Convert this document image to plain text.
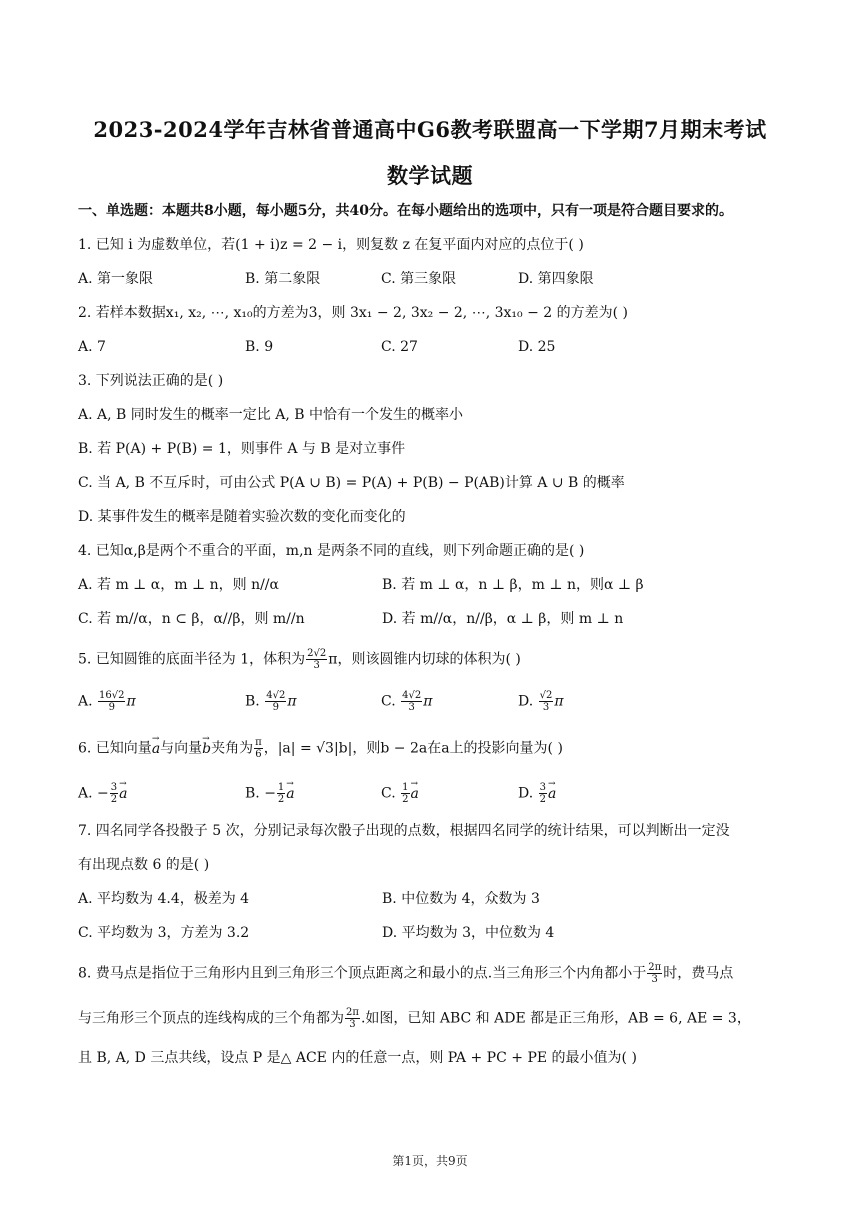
2023-2024学年吉林省普通高中G6教考联盟高一下学期7月期末考试
数学试题
一、单选题：本题共8小题，每小题5分，共40分。在每小题给出的选项中，只有一项是符合题目要求的。
1. 已知 i 为虚数单位，若(1 + i)z = 2 − i，则复数 z 在复平面内对应的点位于( )
A. 第一象限	B. 第二象限	C. 第三象限	D. 第四象限
2. 若样本数据x₁, x₂, ⋯, x₁₀的方差为3，则 3x₁ − 2, 3x₂ − 2, ⋯, 3x₁₀ − 2 的方差为( )
A. 7	B. 9	C. 27	D. 25
3. 下列说法正确的是( )
A. A, B 同时发生的概率一定比 A, B 中恰有一个发生的概率小
B. 若 P(A) + P(B) = 1，则事件 A 与 B 是对立事件
C. 当 A, B 不互斥时，可由公式 P(A ∪ B) = P(A) + P(B) − P(AB)计算 A ∪ B 的概率
D. 某事件发生的概率是随着实验次数的变化而变化的
4. 已知α,β是两个不重合的平面，m,n 是两条不同的直线，则下列命题正确的是( )
A. 若 m ⊥ α，m ⊥ n，则 n//α	B. 若 m ⊥ α，n ⊥ β，m ⊥ n，则α ⊥ β
C. 若 m//α，n ⊂ β，α//β，则 m//n	D. 若 m//α，n//β，α ⊥ β，则 m ⊥ n
5. 已知圆锥的底面半径为 1，体积为 $\frac{2√2}{3}$ π，则该圆锥内切球的体积为( )
A. $\frac{16√2}{9}$ π	B. $\frac{4√2}{9}$ π	C. $\frac{4√2}{3}$ π	D. $\frac{√2}{3}$ π
6. 已知向量→ a与向量→ b夹角为 $\frac{\pi}{6}$ ，|a| = √3|b|，则b − 2a在a上的投影向量为( )
A. − $\frac{3}{2}$
→ a	B. − $\frac{1}{2}$
→ a	C. $\frac{1}{2}$
→ a	D. $\frac{3}{2}$
→ a
7. 四名同学各投骰子 5 次，分别记录每次骰子出现的点数，根据四名同学的统计结果，可以判断出一定没
有出现点数 6 的是( )
A. 平均数为 4.4，极差为 4	B. 中位数为 4，众数为 3
C. 平均数为 3，方差为 3.2	D. 平均数为 3，中位数为 4
8. 费马点是指位于三角形内且到三角形三个顶点距离之和最小的点.当三角形三个内角都小于 $\frac{2\pi}{3}$ 时，费马点
与三角形三个顶点的连线构成的三个角都为 $\frac{2\pi}{3}$ .如图，已知 ABC 和 ADE 都是正三角形，AB = 6, AE = 3，
且 B, A, D 三点共线，设点 P 是△ ACE 内的任意一点，则 PA + PC + PE 的最小值为( )
第1页，共9页
